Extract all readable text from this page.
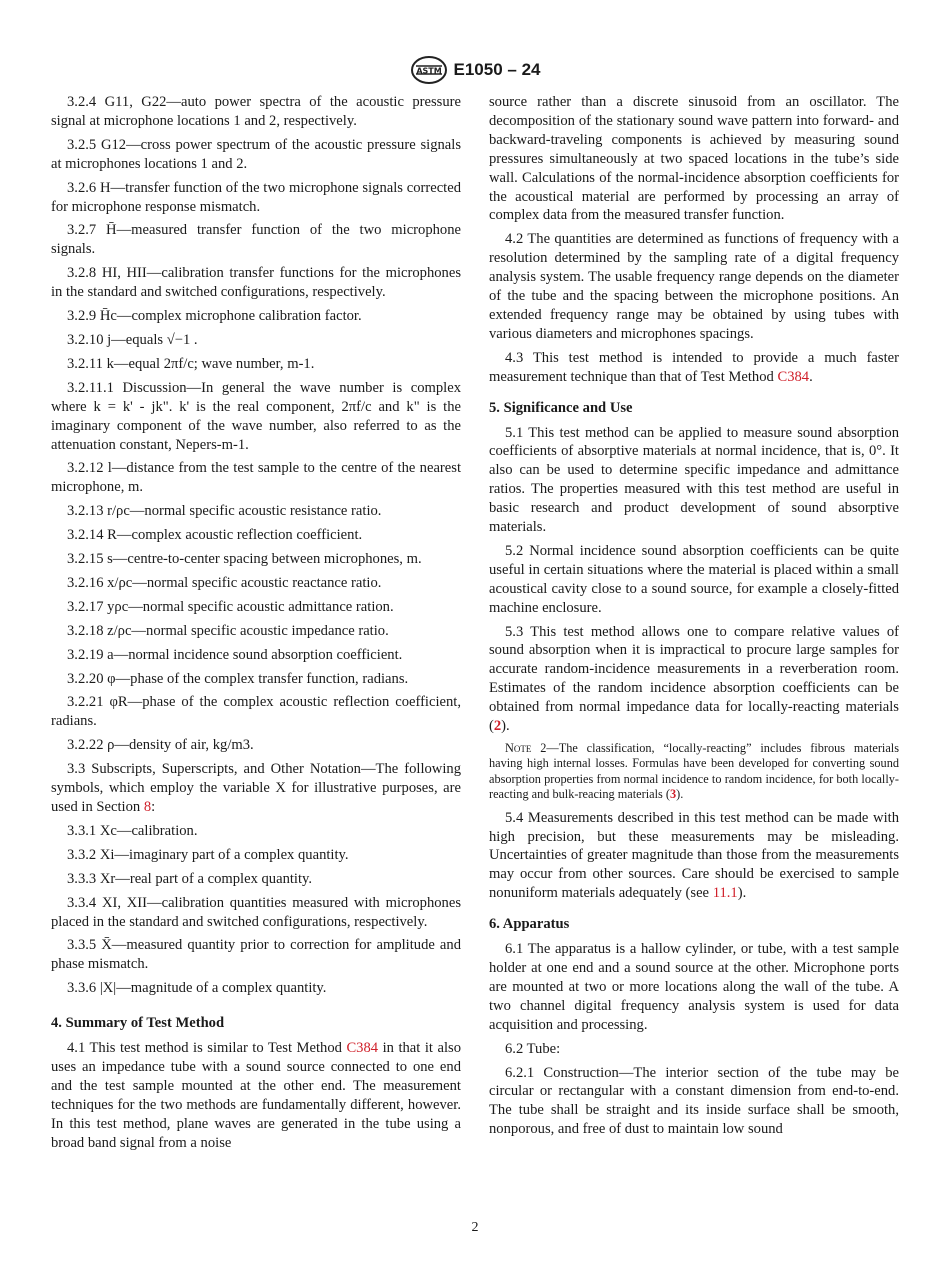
ASTM E1050 – 24

3.2.4 G11, G22—auto power spectra of the acoustic pressure signal at microphone locations 1 and 2, respectively.

3.2.5 G12—cross power spectrum of the acoustic pressure signals at microphones locations 1 and 2.

3.2.6 H—transfer function of the two microphone signals corrected for microphone response mismatch.

3.2.7 H̄—measured transfer function of the two microphone signals.

3.2.8 HI, HII—calibration transfer functions for the microphones in the standard and switched configurations, respectively.

3.2.9 H̄c—complex microphone calibration factor.

3.2.10 j—equals √−1 .

3.2.11 k—equal 2πf/c; wave number, m-1.

3.2.11.1 Discussion—In general the wave number is complex where k = k' - jk". k' is the real component, 2πf/c and k" is the imaginary component of the wave number, also referred to as the attenuation constant, Nepers-m-1.

3.2.12 l—distance from the test sample to the centre of the nearest microphone, m.

3.2.13 r/ρc—normal specific acoustic resistance ratio.

3.2.14 R—complex acoustic reflection coefficient.

3.2.15 s—centre-to-center spacing between microphones, m.

3.2.16 x/ρc—normal specific acoustic reactance ratio.

3.2.17 yρc—normal specific acoustic admittance ration.

3.2.18 z/ρc—normal specific acoustic impedance ratio.

3.2.19 a—normal incidence sound absorption coefficient.

3.2.20 φ—phase of the complex transfer function, radians.

3.2.21 φR—phase of the complex acoustic reflection coefficient, radians.

3.2.22 ρ—density of air, kg/m3.

3.3 Subscripts, Superscripts, and Other Notation—The following symbols, which employ the variable X for illustrative purposes, are used in Section 8:

3.3.1 Xc—calibration.

3.3.2 Xi—imaginary part of a complex quantity.

3.3.3 Xr—real part of a complex quantity.

3.3.4 XI, XII—calibration quantities measured with microphones placed in the standard and switched configurations, respectively.

3.3.5 X̄—measured quantity prior to correction for amplitude and phase mismatch.

3.3.6 |X|—magnitude of a complex quantity.

4. Summary of Test Method

4.1 This test method is similar to Test Method C384 in that it also uses an impedance tube with a sound source connected to one end and the test sample mounted at the other end. The measurement techniques for the two methods are fundamentally different, however. In this test method, plane waves are generated in the tube using a broad band signal from a noise

source rather than a discrete sinusoid from an oscillator. The decomposition of the stationary sound wave pattern into forward- and backward-traveling components is achieved by measuring sound pressures simultaneously at two spaced locations in the tube’s side wall. Calculations of the normal-incidence absorption coefficients for the acoustical material are performed by processing an array of complex data from the measured transfer function.

4.2 The quantities are determined as functions of frequency with a resolution determined by the sampling rate of a digital frequency analysis system. The usable frequency range depends on the diameter of the tube and the spacing between the microphone positions. An extended frequency range may be obtained by using tubes with various diameters and microphones spacings.

4.3 This test method is intended to provide a much faster measurement technique than that of Test Method C384.

5. Significance and Use

5.1 This test method can be applied to measure sound absorption coefficients of absorptive materials at normal incidence, that is, 0°. It also can be used to determine specific impedance and admittance ratios. The properties measured with this test method are useful in basic research and product development of sound absorptive materials.

5.2 Normal incidence sound absorption coefficients can be quite useful in certain situations where the material is placed within a small acoustical cavity close to a sound source, for example a closely-fitted machine enclosure.

5.3 This test method allows one to compare relative values of sound absorption when it is impractical to procure large samples for accurate random-incidence measurements in a reverberation room. Estimates of the random incidence absorption coefficients can be obtained from normal impedance data for locally-reacting materials (2).

Note 2—The classification, “locally-reacting” includes fibrous materials having high internal losses. Formulas have been developed for converting sound absorption properties from normal incidence to random incidence, for both locally-reacting and bulk-reacing materials (3).

5.4 Measurements described in this test method can be made with high precision, but these measurements may be misleading. Uncertainties of greater magnitude than those from the measurements may occur from other sources. Care should be exercised to sample nonuniform materials adequately (see 11.1).

6. Apparatus

6.1 The apparatus is a hallow cylinder, or tube, with a test sample holder at one end and a sound source at the other. Microphone ports are mounted at two or more locations along the wall of the tube. A two channel digital frequency analysis system is used for data acquisition and processing.

6.2 Tube:

6.2.1 Construction—The interior section of the tube may be circular or rectangular with a constant dimension from end-to-end. The tube shall be straight and its inside surface shall be smooth, nonporous, and free of dust to maintain low sound

2
